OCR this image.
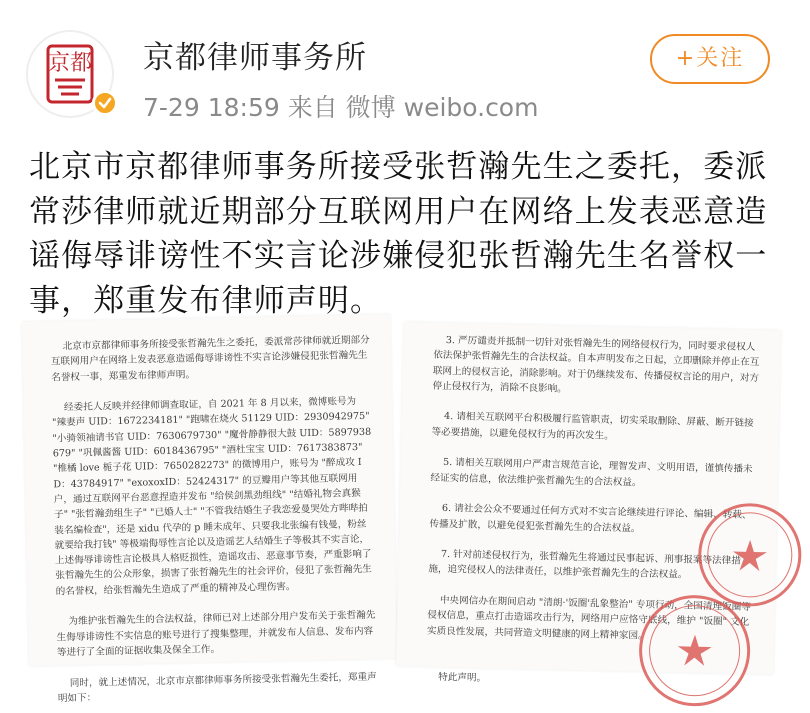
京都 京都律师事务所
7-29 18:59 来自 微博 weibo.com
+关注
北京市京都律师事务所接受张哲瀚先生之委托，委派常莎律师就近期部分互联网用户在网络上发表恶意造谣侮辱诽谤性不实言论涉嫌侵犯张哲瀚先生名誉权一事，郑重发布律师声明。
北京市京都律师事务所接受张哲瀚先生之委托，委派常莎律师就近期部分互联网用户在网络上发表恶意造谣侮辱诽谤性不实言论涉嫌侵犯张哲瀚先生名誉权一事，郑重发布律师声明。

经委托人反映并经律师调查取证，自 2021 年 8 月以来，微博账号为 "辣妻声 UID：1672234181" "跑啸在烧火 51129 UID：2930942975" "小骑领袖请书官 UID：7630679730" "魔骨静静很大鼓 UID：5897938679" "巩佩酱酱 UID：6018436795" "酒杜宝宝 UID：7617383873" "椎橘 love 栀子花 UID：7650282273" 的微博用户，账号为 "醉成攻 ID：43784917" "exoxoxID：52424317" 的豆瓣用户等其他互联网用户，通过互联网平台恶意捏造并发布 "给侯剑黑劲组线" "结婚礼物会真猴子" "张哲瀚劲组生子" "已婚人士" "不管我结婚生子我恋爱曼哭处方哔哔拍装名编检查"，还是 xidu 代孕的 p 睡未成年、只要我北张编有钱曼，粉丝就要给我打钱" 等极端侮辱性言论以及造谣艺人结婚生子等极其不实言论，上述侮辱诽谤性言论极具人格贬损性，造谣攻击、恶意事节奏，严重影响了张哲瀚先生的公众形象，损害了张哲瀚先生的社会评价，侵犯了张哲瀚先生的名誉权，给张哲瀚先生造成了严重的精神及心理伤害。

为维护张哲瀚先生的合法权益，律师已对上述部分用户发布关于张哲瀚先生侮辱诽谤性不实信息的账号进行了搜集整理，并就发布人信息、发布内容等进行了全面的证据收集及保全工作。

同时，就上述情况，北京市京都律师事务所接受张哲瀚先生委托，郑重声明如下：
3. 严厉谴责并抵制一切针对张哲瀚先生的网络侵权行为，同时要求侵权人依法保护张哲瀚先生的合法权益。自本声明发布之日起，立即删除并停止在互联网上的侵权言论，消除影响。对于仍继续发布、传播侵权言论的用户，对方停止侵权行为，消除不良影响。

4. 请相关互联网平台积极履行监管职责，切实采取删除、屏蔽、断开链接等必要措施，以避免侵权行为的再次发生。

5. 请相关互联网用户严肃言规范言论，理智发声、文明用语，谨慎传播未经证实的信息，依法维护张哲瀚先生的合法权益。

6. 请社会公众不要通过任何方式对不实言论继续进行评论、编辑、转载、传播及扩散，以避免侵犯张哲瀚先生的合法权益。

7. 针对前述侵权行为，张哲瀚先生将通过民事起诉、刑事报案等法律措施，追究侵权人的法律责任，以维护张哲瀚先生的合法权益。

中央网信办在期间启动 "清朗·'饭圈'乱象整治" 专项行动，全国清理饭圈等侵权信息，重点打击造谣攻击行为，网络用户应恪守底线，维护 "饭圈" 文化实质良性发展，共同营造文明健康的网上精神家园。

特此声明。
